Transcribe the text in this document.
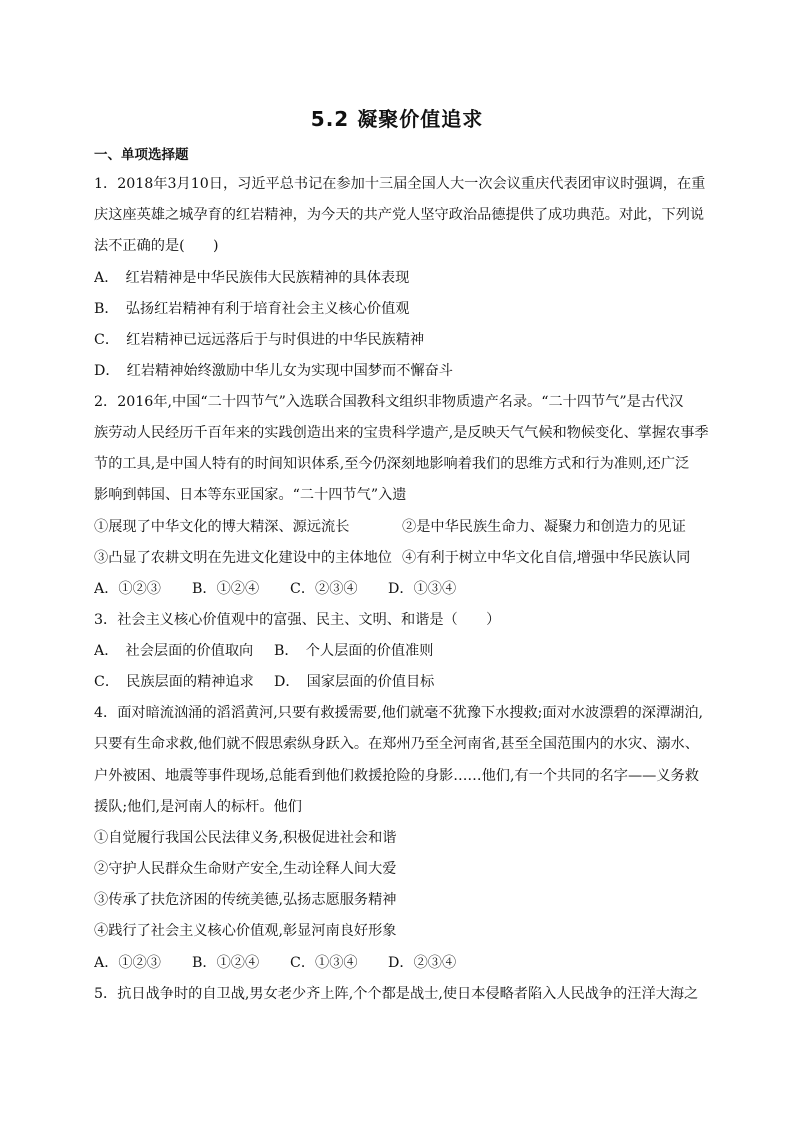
5.2 凝聚价值追求
一、单项选择题
1．2018年3月10日，习近平总书记在参加十三届全国人大一次会议重庆代表团审议时强调，在重
庆这座英雄之城孕育的红岩精神，为今天的共产党人坚守政治品德提供了成功典范。对此，下列说
法不正确的是(　　)
A．　红岩精神是中华民族伟大民族精神的具体表现
B．　弘扬红岩精神有利于培育社会主义核心价值观
C．　红岩精神已远远落后于与时俱进的中华民族精神
D．　红岩精神始终激励中华儿女为实现中国梦而不懈奋斗
2．2016年,中国“二十四节气”入选联合国教科文组织非物质遗产名录。“二十四节气”是古代汉
族劳动人民经历千百年来的实践创造出来的宝贵科学遗产,是反映天气气候和物候变化、掌握农事季
节的工具,是中国人特有的时间知识体系,至今仍深刻地影响着我们的思维方式和行为准则,还广泛
影响到韩国、日本等东亚国家。“二十四节气”入遗
①展现了中华文化的博大精深、源远流长	②是中华民族生命力、凝聚力和创造力的见证
③凸显了农耕文明在先进文化建设中的主体地位 ④有利于树立中华文化自信,增强中华民族认同
A．①②③ B．①②④ C．②③④ D．①③④
3．社会主义核心价值观中的富强、民主、文明、和谐是（　　）
A．　社会层面的价值取向 B．　个人层面的价值准则
C．　民族层面的精神追求 D．　国家层面的价值目标
4．面对暗流汹涌的滔滔黄河,只要有救援需要,他们就毫不犹豫下水搜救;面对水波漂碧的深潭湖泊,
只要有生命求救,他们就不假思索纵身跃入。在郑州乃至全河南省,甚至全国范围内的水灾、溺水、
户外被困、地震等事件现场,总能看到他们救援抢险的身影……他们,有一个共同的名字——义务救
援队;他们,是河南人的标杆。他们
①自觉履行我国公民法律义务,积极促进社会和谐
②守护人民群众生命财产安全,生动诠释人间大爱
③传承了扶危济困的传统美德,弘扬志愿服务精神
④践行了社会主义核心价值观,彰显河南良好形象
A．①②③ B．①②④ C．①③④ D．②③④
5．抗日战争时的自卫战,男女老少齐上阵,个个都是战士,使日本侵略者陷入人民战争的汪洋大海之
